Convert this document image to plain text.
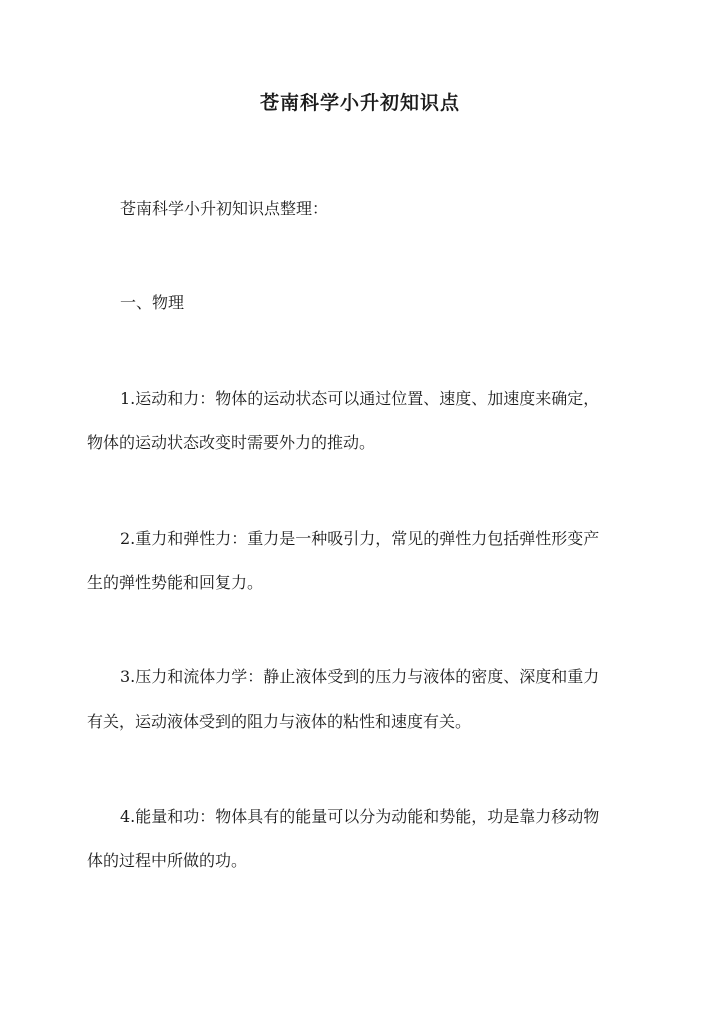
苍南科学小升初知识点

苍南科学小升初知识点整理：

一、物理

1.运动和力：物体的运动状态可以通过位置、速度、加速度来确定，

物体的运动状态改变时需要外力的推动。

2.重力和弹性力：重力是一种吸引力，常见的弹性力包括弹性形变产

生的弹性势能和回复力。

3.压力和流体力学：静止液体受到的压力与液体的密度、深度和重力

有关，运动液体受到的阻力与液体的粘性和速度有关。

4.能量和功：物体具有的能量可以分为动能和势能，功是靠力移动物

体的过程中所做的功。
